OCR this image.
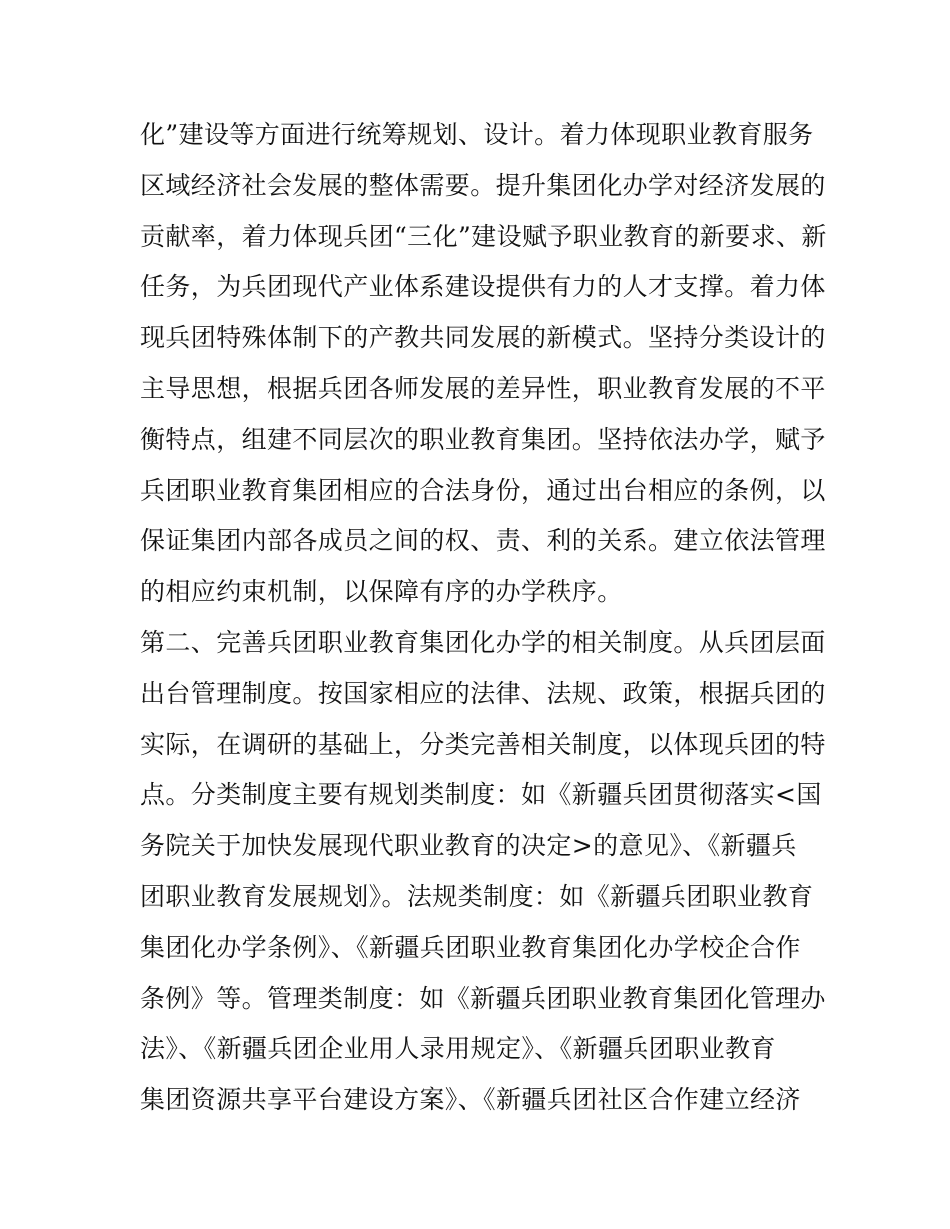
化”建设等方面进行统筹规划、设计。着力体现职业教育服务
区域经济社会发展的整体需要。提升集团化办学对经济发展的
贡献率，着力体现兵团“三化”建设赋予职业教育的新要求、新
任务，为兵团现代产业体系建设提供有力的人才支撑。着力体
现兵团特殊体制下的产教共同发展的新模式。坚持分类设计的
主导思想，根据兵团各师发展的差异性，职业教育发展的不平
衡特点，组建不同层次的职业教育集团。坚持依法办学，赋予
兵团职业教育集团相应的合法身份，通过出台相应的条例，以
保证集团内部各成员之间的权、责、利的关系。建立依法管理
的相应约束机制，以保障有序的办学秩序。
第二、完善兵团职业教育集团化办学的相关制度。从兵团层面
出台管理制度。按国家相应的法律、法规、政策，根据兵团的
实际，在调研的基础上，分类完善相关制度，以体现兵团的特
点。分类制度主要有规划类制度：如《新疆兵团贯彻落实<国
务院关于加快发展现代职业教育的决定>的意见》、《新疆兵
团职业教育发展规划》。法规类制度：如《新疆兵团职业教育
集团化办学条例》、《新疆兵团职业教育集团化办学校企合作
条例》等。管理类制度：如《新疆兵团职业教育集团化管理办
法》、《新疆兵团企业用人录用规定》、《新疆兵团职业教育
集团资源共享平台建设方案》、《新疆兵团社区合作建立经济
